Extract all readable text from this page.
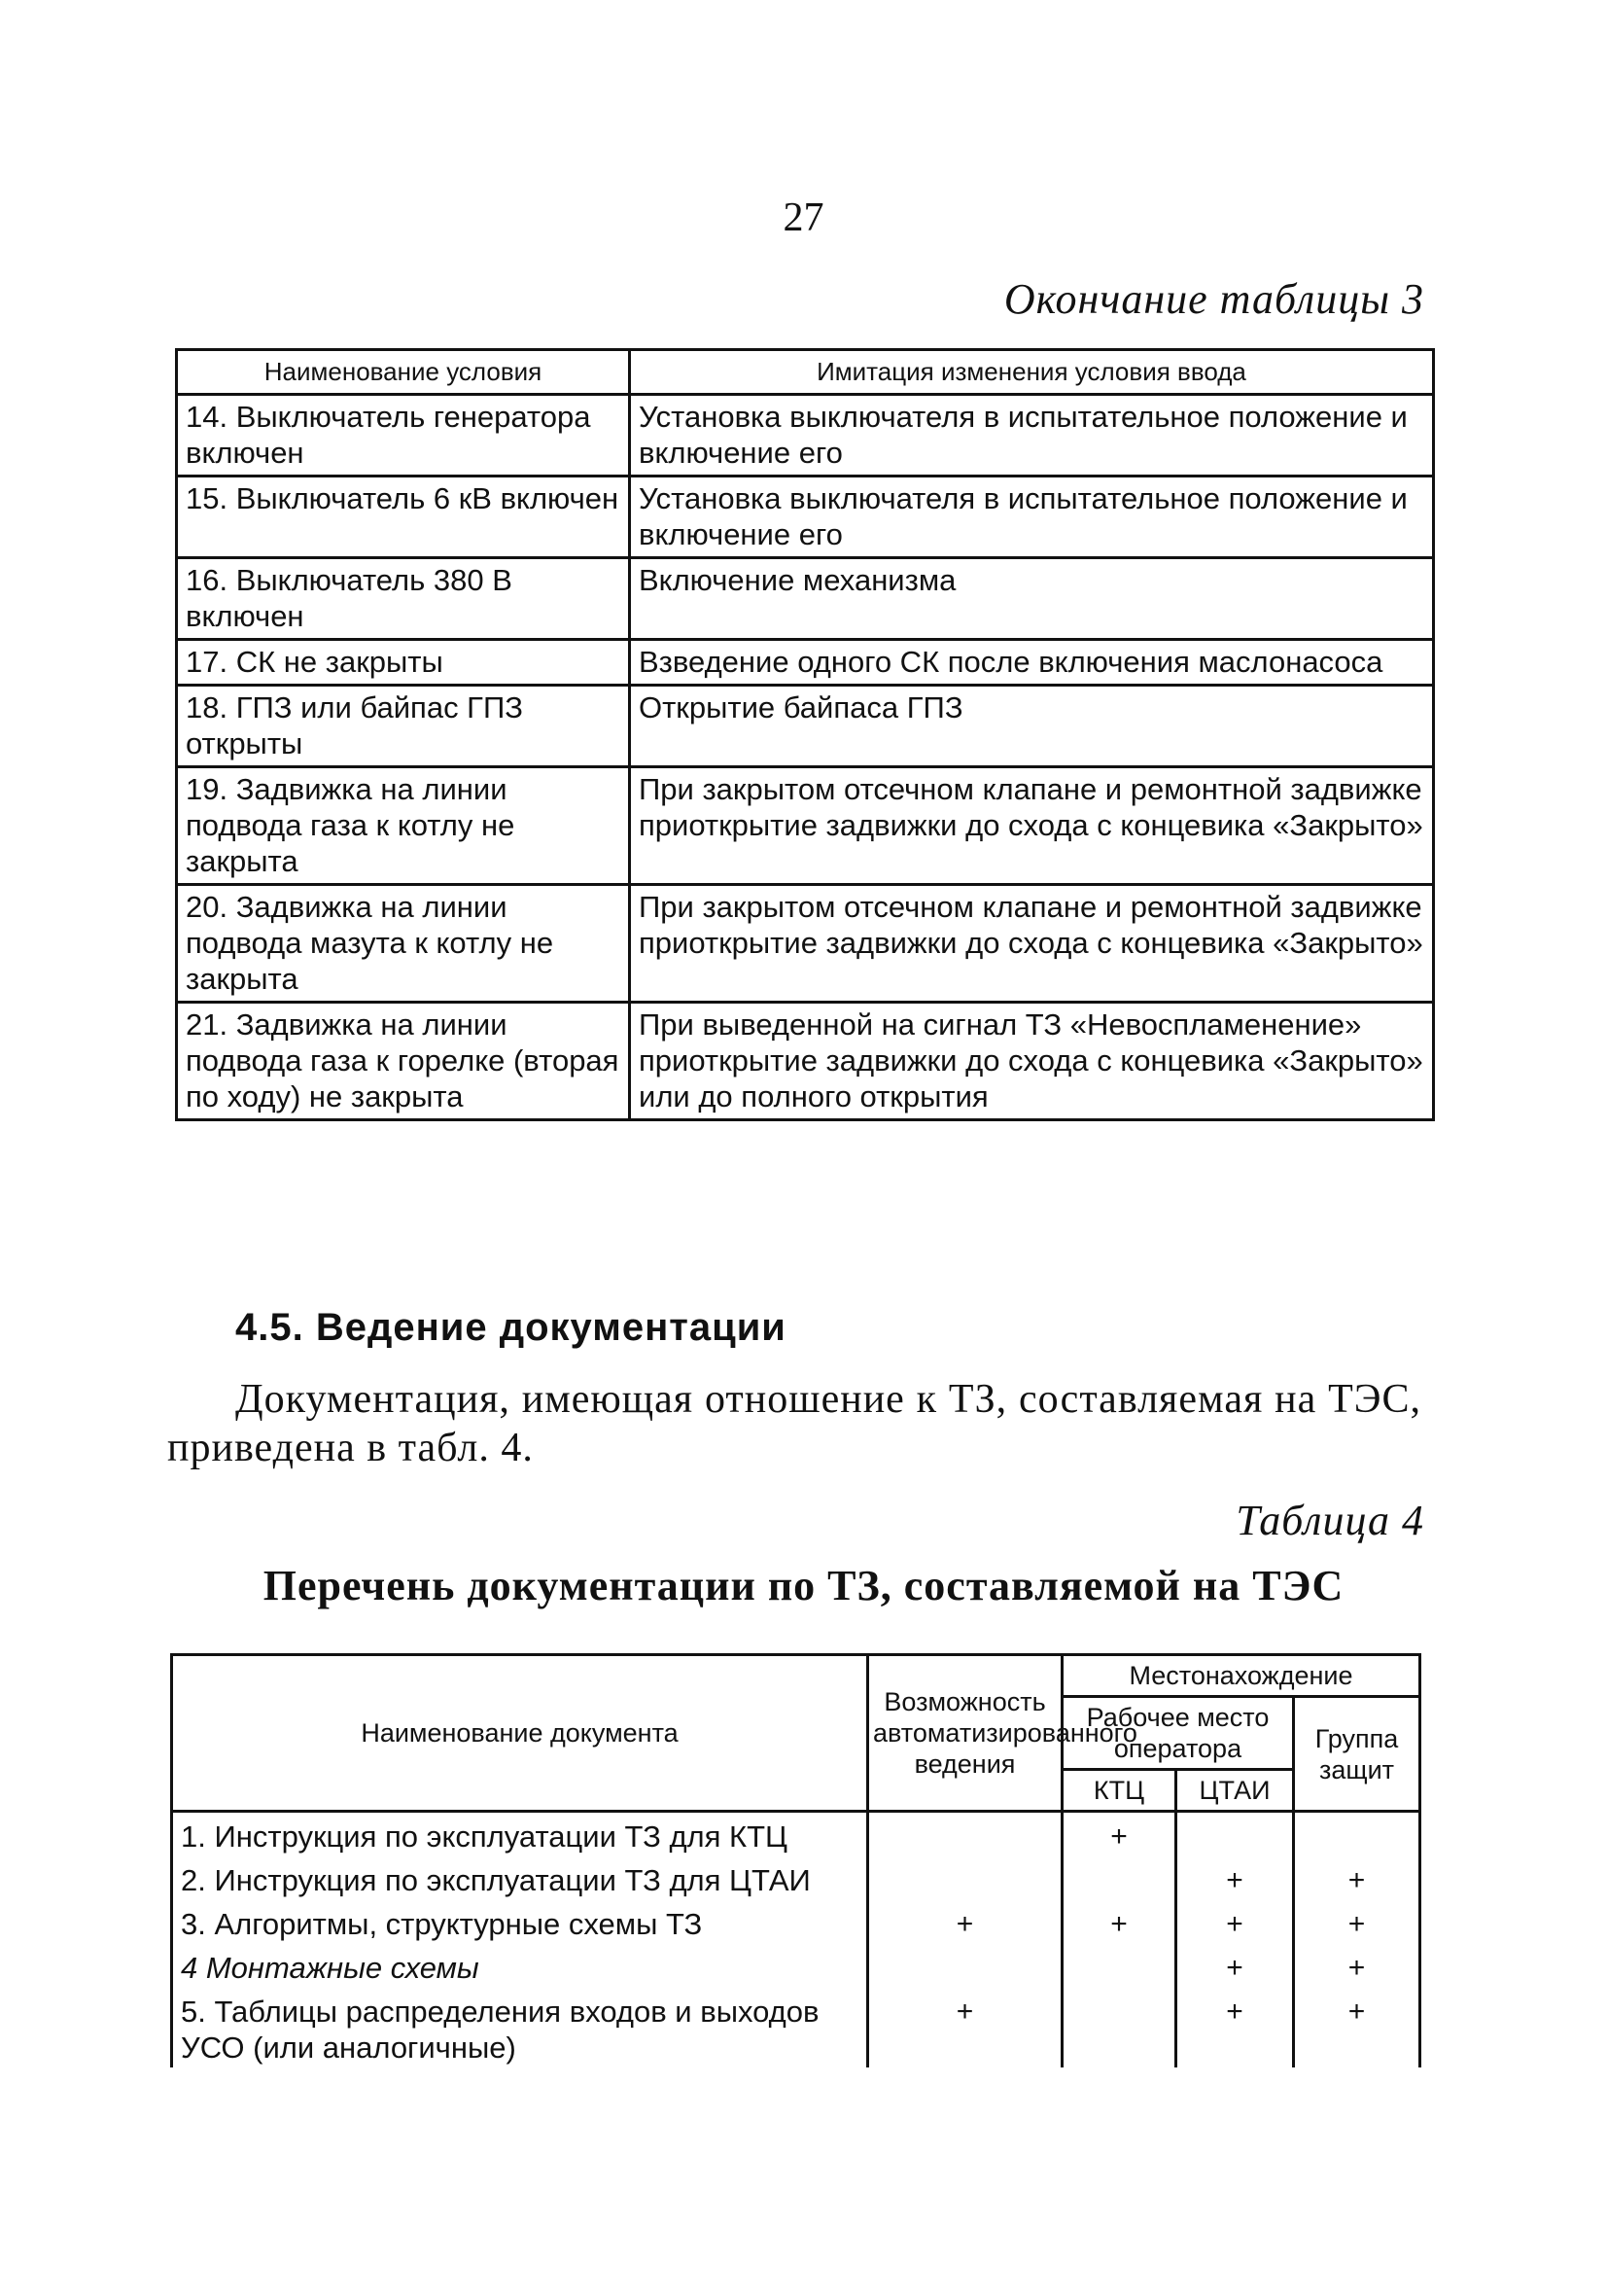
27
Окончание таблицы 3
Наименование условия	Имитация изменения условия ввода
14. Выключатель генератора включен	Установка выключателя в испытательное положение и включение его
15. Выключатель 6 кВ включен	Установка выключателя в испытательное положение и включение его
16. Выключатель 380 В включен	Включение механизма
17. СК не закрыты	Взведение одного СК после включения маслонасоса
18. ГПЗ или байпас ГПЗ открыты	Открытие байпаса ГПЗ
19. Задвижка на линии подвода газа к котлу не закрыта	При закрытом отсечном клапане и ремонтной задвижке приоткрытие задвижки до схода с концевика «Закрыто»
20. Задвижка на линии подвода мазута к котлу не закрыта	При закрытом отсечном клапане и ремонтной задвижке приоткрытие задвижки до схода с концевика «Закрыто»
21. Задвижка на линии подвода газа к горелке (вторая по ходу) не закрыта	При выведенной на сигнал ТЗ «Невоспламенение» приоткрытие задвижки до схода с концевика «Закрыто» или до полного открытия
4.5. Ведение документации
Документация, имеющая отношение к ТЗ, составляемая на ТЭС, приведена в табл. 4.
Таблица 4
Перечень документации по ТЗ, составляемой на ТЭС
Наименование документа	Возможность автоматизированного ведения	Местонахождение		
		Рабочее место оператора		Группа защит
		КТЦ	ЦТАИ	
1. Инструкция по эксплуатации ТЗ для КТЦ		+		
2. Инструкция по эксплуатации ТЗ для ЦТАИ			+	+
3. Алгоритмы, структурные схемы ТЗ	+	+	+	+
4 Монтажные схемы			+	+
5. Таблицы распределения входов и выходов УСО (или аналогичные)	+		+	+
